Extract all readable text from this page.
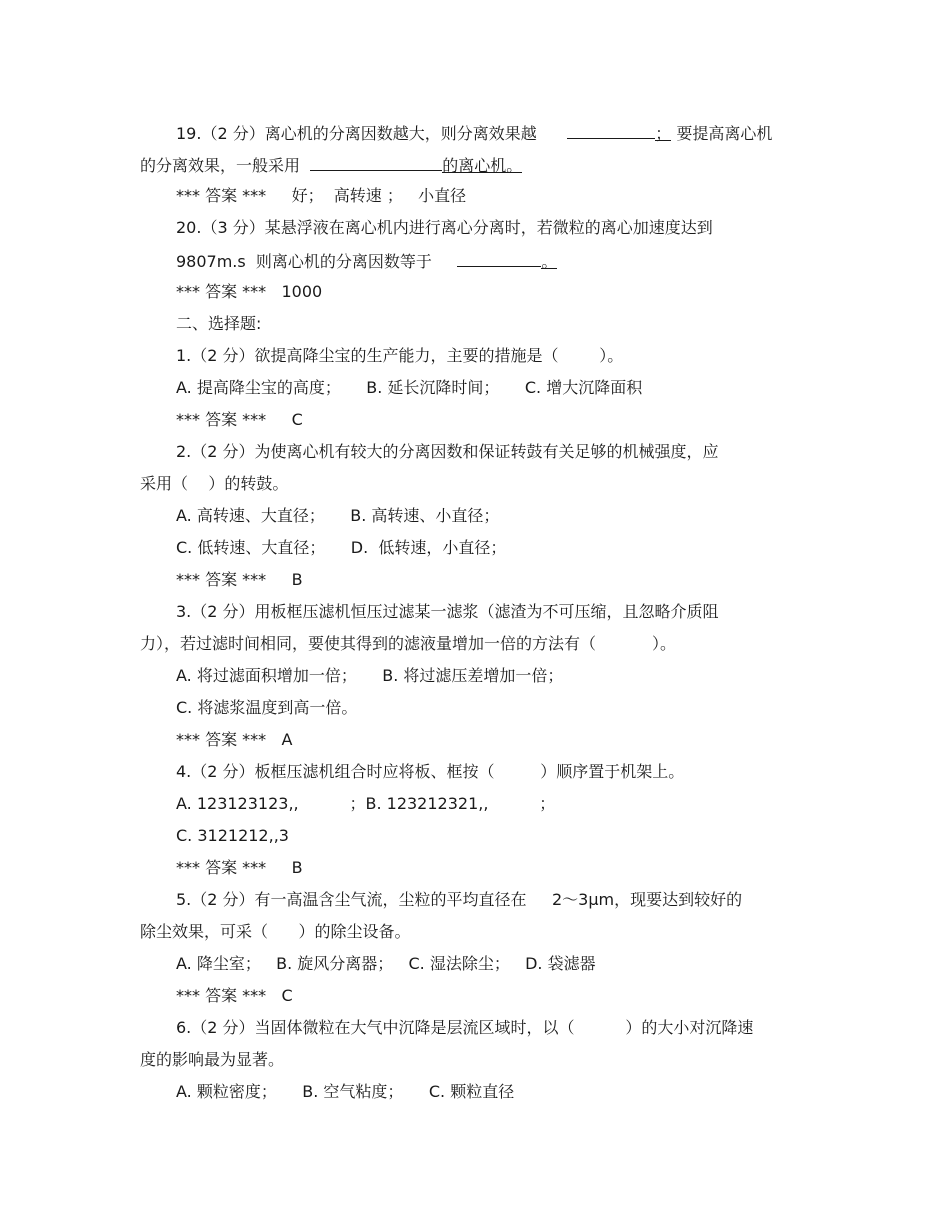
19.（2 分）离心机的分离因数越大，则分离效果越	； 要提高离心机
的分离效果，一般采用	的离心机。
*** 答案 *** 好；  高转速 ；   小直径
20.（3 分）某悬浮液在离心机内进行离心分离时，若微粒的离心加速度达到
9807m.s  则离心机的分离因数等于	。
*** 答案 *** 1000
二、选择题:
1.（2 分）欲提高降尘宝的生产能力，主要的措施是（        ）。
A. 提高降尘宝的高度；     B. 延长沉降时间；     C. 增大沉降面积
*** 答案 *** C
2.（2 分）为使离心机有较大的分离因数和保证转鼓有关足够的机械强度，应
采用（    ）的转鼓。
A. 高转速、大直径；     B. 高转速、小直径；
C. 低转速、大直径；     D.  低转速，小直径；
*** 答案 *** B
3.（2 分）用板框压滤机恒压过滤某一滤浆（滤渣为不可压缩，且忽略介质阻
力），若过滤时间相同，要使其得到的滤液量增加一倍的方法有（           ）。
A. 将过滤面积增加一倍；     B. 将过滤压差增加一倍；
C. 将滤浆温度到高一倍。
*** 答案 *** A
4.（2 分）板框压滤机组合时应将板、框按（         ）顺序置于机架上。
A. 123123123,,          ；B. 123212321,,          ；
C. 3121212,,3
*** 答案 *** B
5.（2 分）有一高温含尘气流，尘粒的平均直径在     2～3μm，现要达到较好的
除尘效果，可采（      ）的除尘设备。
A. 降尘室；   B. 旋风分离器；   C. 湿法除尘；   D. 袋滤器
*** 答案 *** C
6.（2 分）当固体微粒在大气中沉降是层流区域时，以（          ）的大小对沉降速
度的影响最为显著。
A. 颗粒密度；     B. 空气粘度；     C. 颗粒直径
